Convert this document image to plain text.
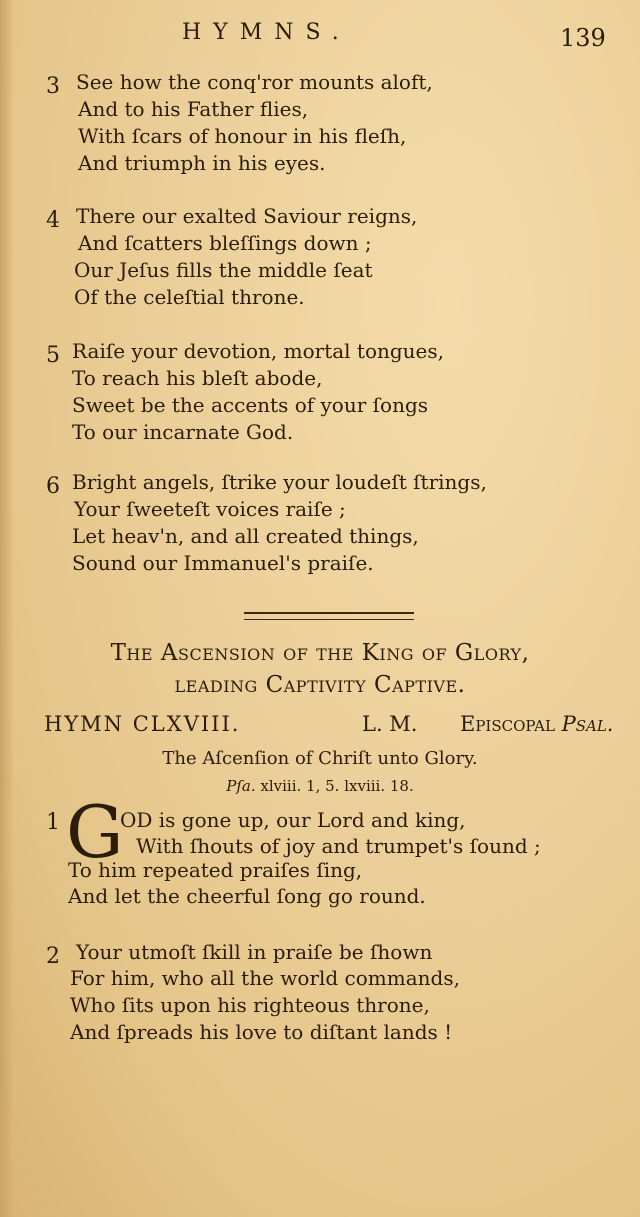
HYMNS.	139
3 See how the conq'ror mounts aloft,
And to his Father flies,
With ſcars of honour in his fleſh,
And triumph in his eyes.
4 There our exalted Saviour reigns,
And ſcatters bleſſings down ;
Our Jeſus fills the middle ſeat
Of the celeſtial throne.
5 Raiſe your devotion, mortal tongues,
To reach his bleſt abode,
Sweet be the accents of your ſongs
To our incarnate God.
6 Bright angels, ſtrike your loudeſt ſtrings,
Your ſweeteſt voices raiſe ;
Let heav'n, and all created things,
Sound our Immanuel's praiſe.
The Ascension of the King of Glory,
leading Captivity Captive.
HYMN CLXVIII.	L. M. Episcopal Pſal.
The Aſcenſion of Chriſt unto Glory.
Pſa. xlviii. 1, 5. lxviii. 18.
1	OD is gone up, our Lord and king,
With ſhouts of joy and trumpet's ſound ;
To him repeated praiſes ſing,
And let the cheerful ſong go round.
G
2 Your utmoſt ſkill in praiſe be ſhown
For him, who all the world commands,
Who ſits upon his righteous throne,
And ſpreads his love to diſtant lands !
